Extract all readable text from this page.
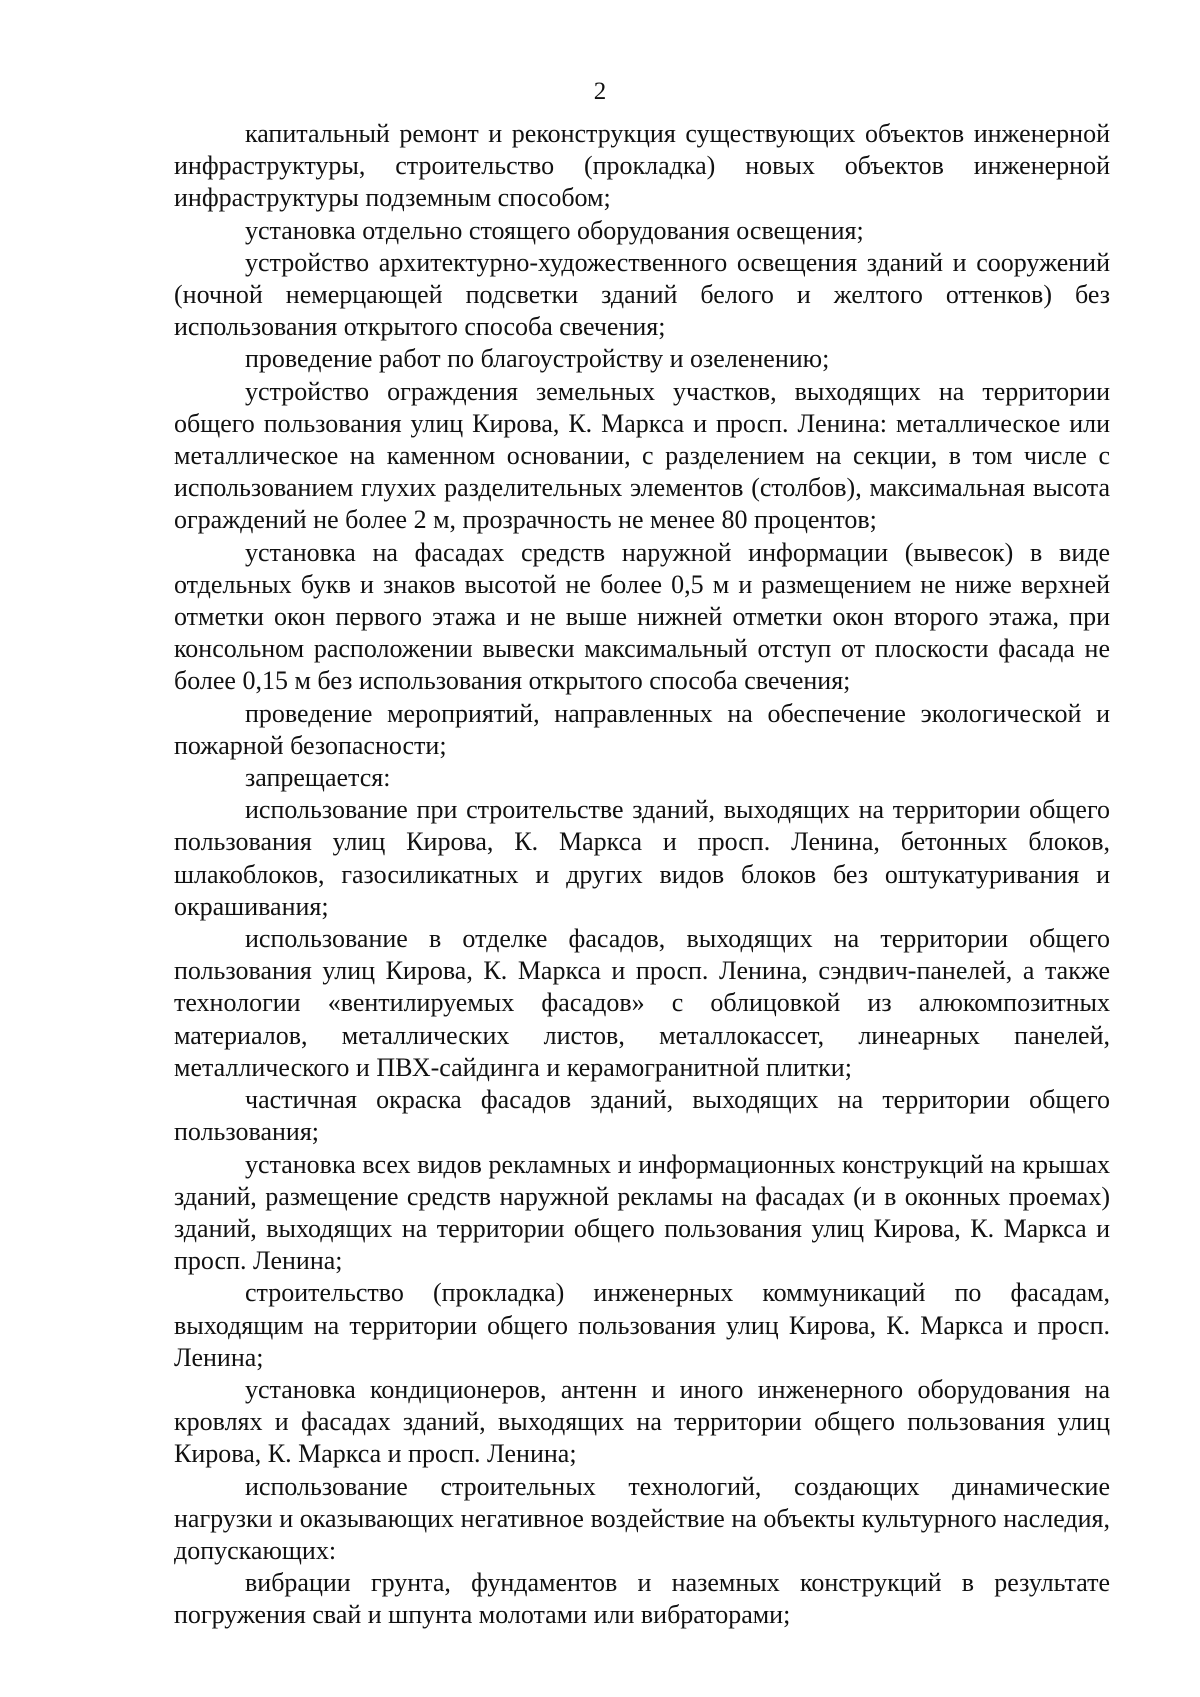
2

капитальный ремонт и реконструкция существующих объектов инженерной инфраструктуры, строительство (прокладка) новых объектов инженерной инфраструктуры подземным способом;

установка отдельно стоящего оборудования освещения;

устройство архитектурно-художественного освещения зданий и сооружений (ночной немерцающей подсветки зданий белого и желтого оттенков) без использования открытого способа свечения;

проведение работ по благоустройству и озеленению;

устройство ограждения земельных участков, выходящих на территории общего пользования улиц Кирова, К. Маркса и просп. Ленина: металлическое или металлическое на каменном основании, с разделением на секции, в том числе с использованием глухих разделительных элементов (столбов), максимальная высота ограждений не более 2 м, прозрачность не менее 80 процентов;

установка на фасадах средств наружной информации (вывесок) в виде отдельных букв и знаков высотой не более 0,5 м и размещением не ниже верхней отметки окон первого этажа и не выше нижней отметки окон второго этажа, при консольном расположении вывески максимальный отступ от плоскости фасада не более 0,15 м без использования открытого способа свечения;

проведение мероприятий, направленных на обеспечение экологической и пожарной безопасности;

запрещается:

использование при строительстве зданий, выходящих на территории общего пользования улиц Кирова, К. Маркса и просп. Ленина, бетонных блоков, шлакоблоков, газосиликатных и других видов блоков без оштукатуривания и окрашивания;

использование в отделке фасадов, выходящих на территории общего пользования улиц Кирова, К. Маркса и просп. Ленина, сэндвич-панелей, а также технологии «вентилируемых фасадов» с облицовкой из алюкомпозитных материалов, металлических листов, металлокассет, линеарных панелей, металлического и ПВХ-сайдинга и керамогранитной плитки;

частичная окраска фасадов зданий, выходящих на территории общего пользования;

установка всех видов рекламных и информационных конструкций на крышах зданий, размещение средств наружной рекламы на фасадах (и в оконных проемах) зданий, выходящих на территории общего пользования улиц Кирова, К. Маркса и просп. Ленина;

строительство (прокладка) инженерных коммуникаций по фасадам, выходящим на территории общего пользования улиц Кирова, К. Маркса и просп. Ленина;

установка кондиционеров, антенн и иного инженерного оборудования на кровлях и фасадах зданий, выходящих на территории общего пользования улиц Кирова, К. Маркса и просп. Ленина;

использование строительных технологий, создающих динамические нагрузки и оказывающих негативное воздействие на объекты культурного наследия, допускающих:

вибрации грунта, фундаментов и наземных конструкций в результате погружения свай и шпунта молотами или вибраторами;
